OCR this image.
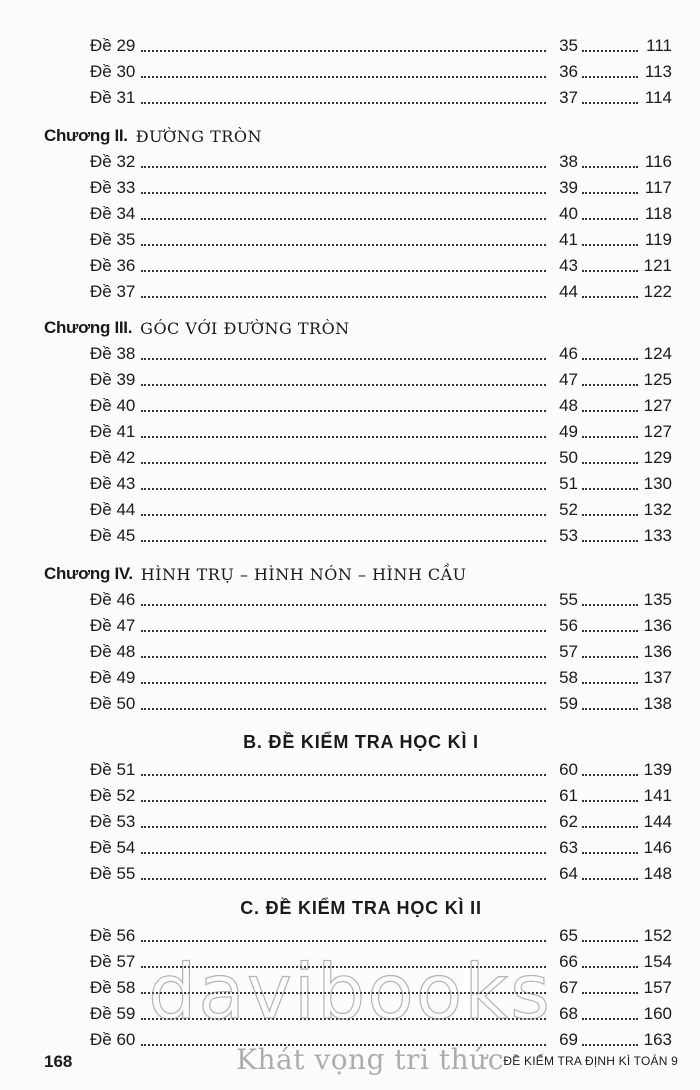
Chương II. ĐƯỜNG TRÒN
Chương III. GÓC VỚI ĐƯỜNG TRÒN
Chương IV. HÌNH TRỤ – HÌNH NÓN – HÌNH CẦU
B. ĐỀ KIỂM TRA HỌC KÌ I
C. ĐỀ KIỂM TRA HỌC KÌ II
Đề 29	35	111
Đề 30	36	113
Đề 31	37	114
Đề 32	38	116
Đề 33	39	117
Đề 34	40	118
Đề 35	41	119
Đề 36	43	121
Đề 37	44	122
Đề 38	46	124
Đề 39	47	125
Đề 40	48	127
Đề 41	49	127
Đề 42	50	129
Đề 43	51	130
Đề 44	52	132
Đề 45	53	133
Đề 46	55	135
Đề 47	56	136
Đề 48	57	136
Đề 49	58	137
Đề 50	59	138
Đề 51	60	139
Đề 52	61	141
Đề 53	62	144
Đề 54	63	146
Đề 55	64	148
Đề 56	65	152
Đề 57	66	154
Đề 58	67	157
Đề 59	68	160
Đề 60	69	163
168	ĐỀ KIỂM TRA ĐỊNH KÌ TOÁN 9
davibooks
Khát vọng tri thức
